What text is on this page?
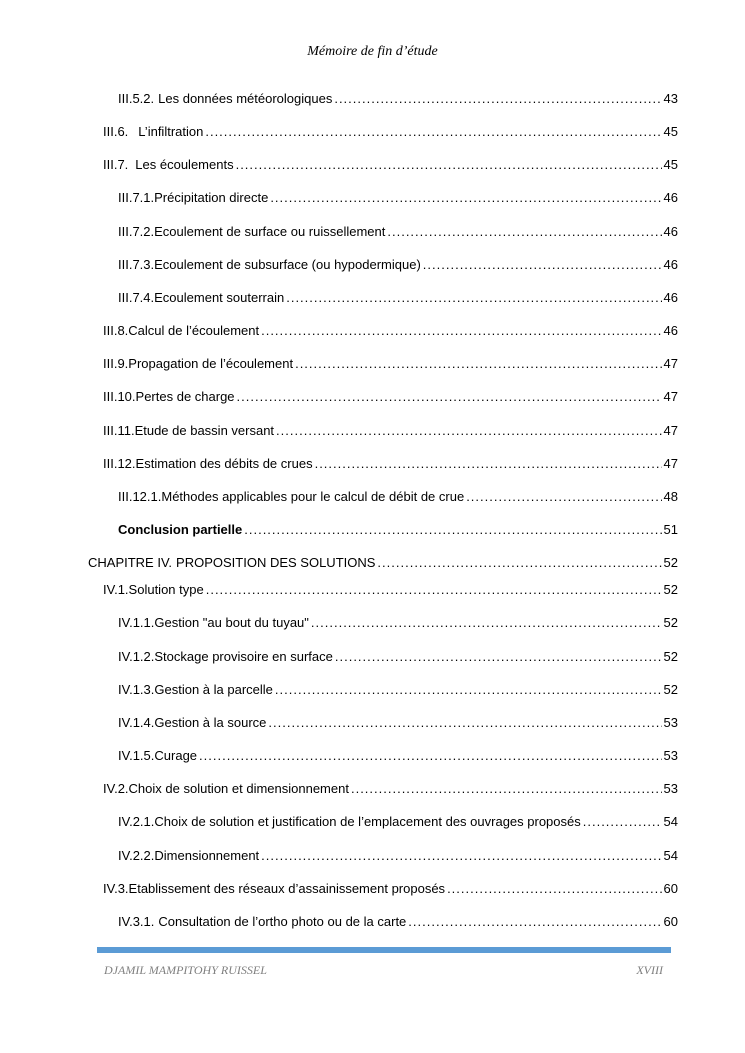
Mémoire de fin d’étude
III.5.2. Les données météorologiques .....	43
III.6. L’infiltration .....	45
III.7. Les écoulements .....	45
III.7.1. Précipitation directe .....	46
III.7.2. Ecoulement de surface ou ruissellement .....	46
III.7.3. Ecoulement de subsurface (ou hypodermique) .....	46
III.7.4. Ecoulement souterrain .....	46
III.8. Calcul de l’écoulement .....	46
III.9. Propagation de l’écoulement .....	47
III.10. Pertes de charge .....	47
III.11. Etude de bassin versant .....	47
III.12. Estimation des débits de crues .....	47
III.12.1. Méthodes applicables pour le calcul de débit de crue .....	48
Conclusion partielle .....	51
CHAPITRE IV. PROPOSITION DES SOLUTIONS .....	52
IV.1. Solution type .....	52
IV.1.1. Gestion "au bout du tuyau" .....	52
IV.1.2. Stockage provisoire en surface .....	52
IV.1.3. Gestion à la parcelle .....	52
IV.1.4. Gestion à la source .....	53
IV.1.5. Curage .....	53
IV.2. Choix de solution et dimensionnement .....	53
IV.2.1. Choix de solution et justification de l’emplacement des ouvrages proposés .....	54
IV.2.2. Dimensionnement .....	54
IV.3. Etablissement des réseaux d’assainissement proposés .....	60
IV.3.1. Consultation de l’ortho photo ou de la carte .....	60
DJAMIL MAMPITOHY RUISSEL	XVIII
